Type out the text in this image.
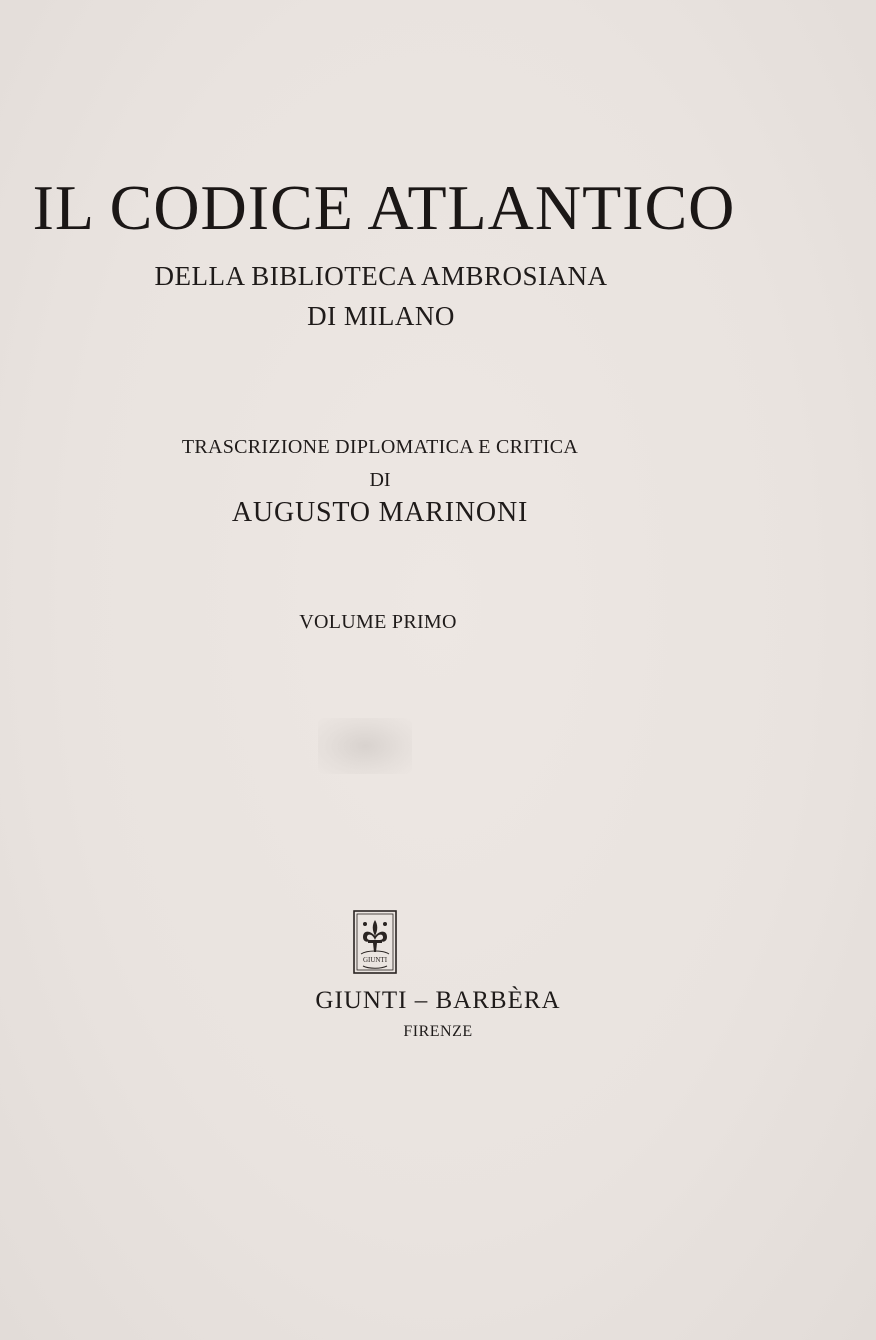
IL CODICE ATLANTICO
DELLA BIBLIOTECA AMBROSIANA
DI MILANO
TRASCRIZIONE DIPLOMATICA E CRITICA
DI
AUGUSTO MARINONI
VOLUME PRIMO
GIUNTI
GIUNTI – BARBÈRA
FIRENZE
